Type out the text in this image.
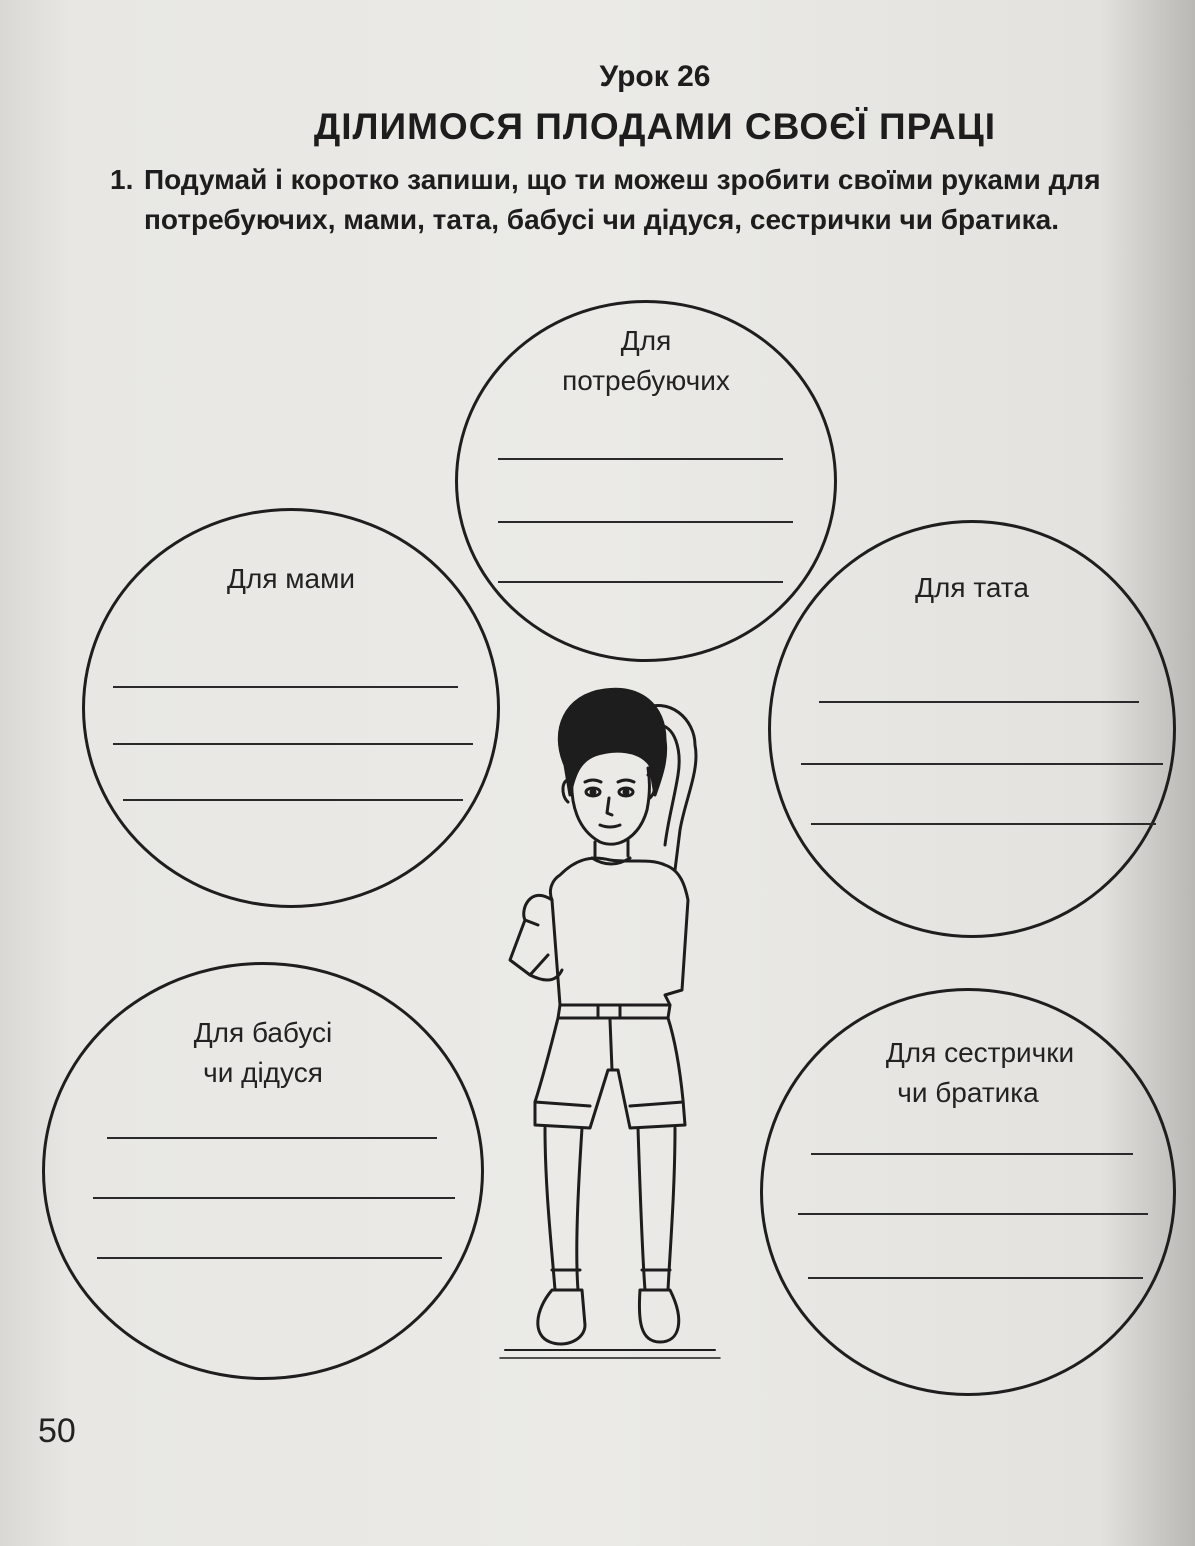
Урок 26
ДІЛИМОСЯ ПЛОДАМИ СВОЄЇ ПРАЦІ

1. Подумай і коротко запиши, що ти можеш зробити своїми руками для потребуючих, мами, тата, бабусі чи дідуся, сестрички чи братика.

Для
потребуючих
Для мами	Для тата
Для бабусі
чи дідуся
Для сестрички
чи братика
50
